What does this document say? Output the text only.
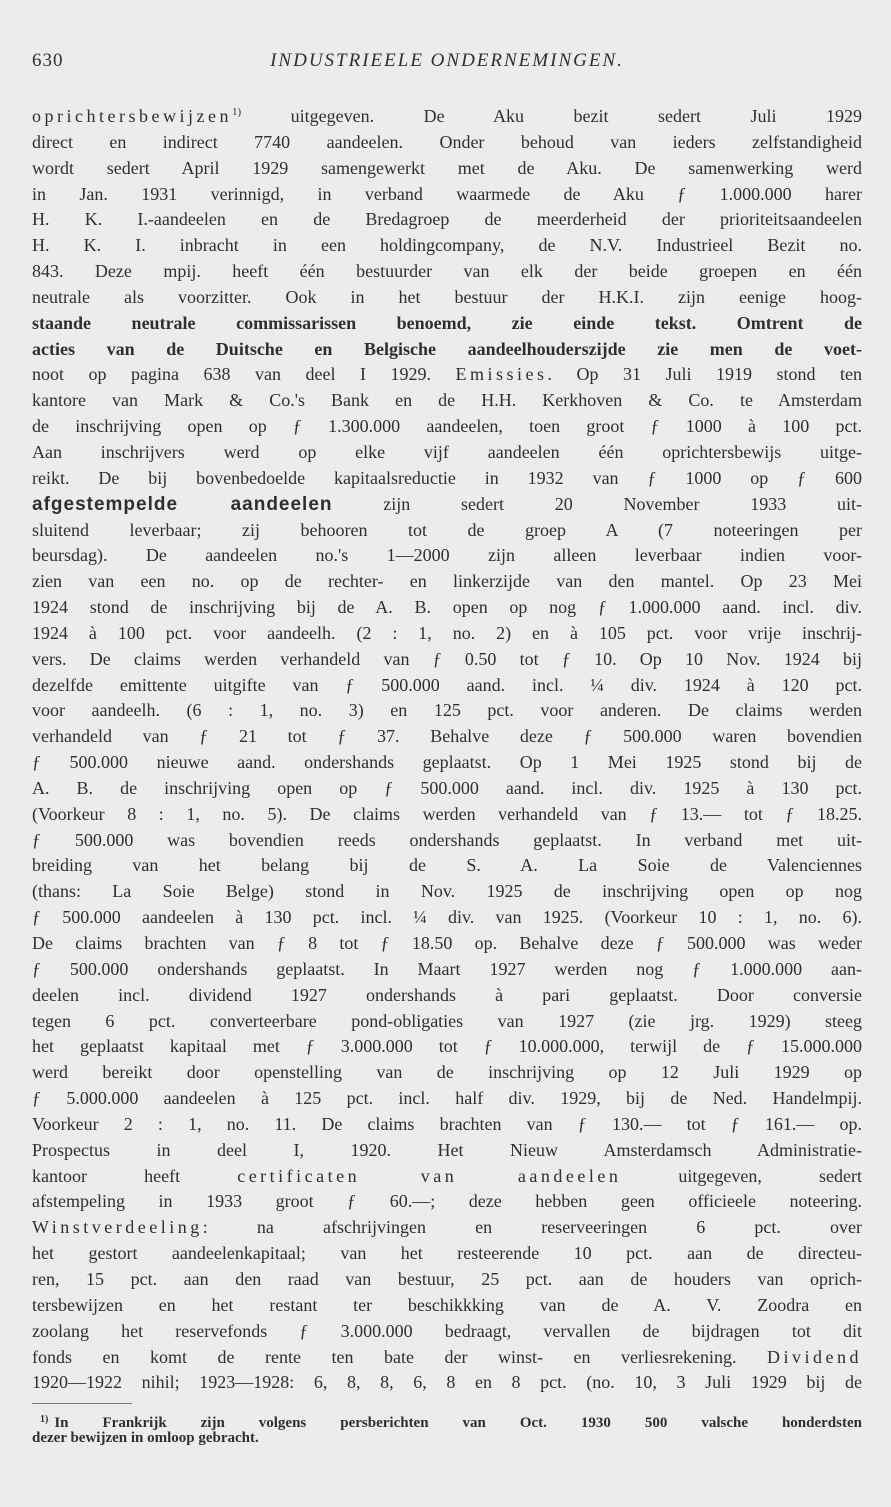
630	INDUSTRIEELE ONDERNEMINGEN.
oprichtersbewijzen$^{1)}$ uitgegeven. De Aku bezit sedert Juli 1929
direct en indirect 7740 aandeelen. Onder behoud van ieders zelfstandigheid
wordt sedert April 1929 samengewerkt met de Aku. De samenwerking werd
in Jan. 1931 verinnigd, in verband waarmede de Aku ƒ 1.000.000 harer
H. K. I.-aandeelen en de Bredagroep de meerderheid der prioriteitsaandeelen
H. K. I. inbracht in een holdingcompany, de N.V. Industrieel Bezit no.
843. Deze mpij. heeft één bestuurder van elk der beide groepen en één
neutrale als voorzitter. Ook in het bestuur der H.K.I. zijn eenige hoog-
staande neutrale commissarissen benoemd, zie einde tekst. Omtrent de
acties van de Duitsche en Belgische aandeelhouderszijde zie men de voet-
noot op pagina 638 van deel I 1929. Emissies. Op 31 Juli 1919 stond ten
kantore van Mark & Co.'s Bank en de H.H. Kerkhoven & Co. te Amsterdam
de inschrijving open op ƒ 1.300.000 aandeelen, toen groot ƒ 1000 à 100 pct.
Aan inschrijvers werd op elke vijf aandeelen één oprichtersbewijs uitge-
reikt. De bij bovenbedoelde kapitaalsreductie in 1932 van ƒ 1000 op ƒ 600
afgestempelde aandeelen zijn sedert 20 November 1933 uit-
sluitend leverbaar; zij behooren tot de groep A (7 noteeringen per
beursdag). De aandeelen no.'s 1—2000 zijn alleen leverbaar indien voor-
zien van een no. op de rechter- en linkerzijde van den mantel. Op 23 Mei
1924 stond de inschrijving bij de A. B. open op nog ƒ 1.000.000 aand. incl. div.
1924 à 100 pct. voor aandeelh. (2 : 1, no. 2) en à 105 pct. voor vrije inschrij-
vers. De claims werden verhandeld van ƒ 0.50 tot ƒ 10. Op 10 Nov. 1924 bij
dezelfde emittente uitgifte van ƒ 500.000 aand. incl. ¼ div. 1924 à 120 pct.
voor aandeelh. (6 : 1, no. 3) en 125 pct. voor anderen. De claims werden
verhandeld van ƒ 21 tot ƒ 37. Behalve deze ƒ 500.000 waren bovendien
ƒ 500.000 nieuwe aand. ondershands geplaatst. Op 1 Mei 1925 stond bij de
A. B. de inschrijving open op ƒ 500.000 aand. incl. div. 1925 à 130 pct.
(Voorkeur 8 : 1, no. 5). De claims werden verhandeld van ƒ 13.— tot ƒ 18.25.
ƒ 500.000 was bovendien reeds ondershands geplaatst. In verband met uit-
breiding van het belang bij de S. A. La Soie de Valenciennes
(thans: La Soie Belge) stond in Nov. 1925 de inschrijving open op nog
ƒ 500.000 aandeelen à 130 pct. incl. ¼ div. van 1925. (Voorkeur 10 : 1, no. 6).
De claims brachten van ƒ 8 tot ƒ 18.50 op. Behalve deze ƒ 500.000 was weder
ƒ 500.000 ondershands geplaatst. In Maart 1927 werden nog ƒ 1.000.000 aan-
deelen incl. dividend 1927 ondershands à pari geplaatst. Door conversie
tegen 6 pct. converteerbare pond-obligaties van 1927 (zie jrg. 1929) steeg
het geplaatst kapitaal met ƒ 3.000.000 tot ƒ 10.000.000, terwijl de ƒ 15.000.000
werd bereikt door openstelling van de inschrijving op 12 Juli 1929 op
ƒ 5.000.000 aandeelen à 125 pct. incl. half div. 1929, bij de Ned. Handelmpij.
Voorkeur 2 : 1, no. 11. De claims brachten van ƒ 130.— tot ƒ 161.— op.
Prospectus in deel I, 1920. Het Nieuw Amsterdamsch Administratie-
kantoor heeft certificaten van aandeelen uitgegeven, sedert
afstempeling in 1933 groot ƒ 60.—; deze hebben geen officieele noteering.
Winstverdeeling: na afschrijvingen en reserveeringen 6 pct. over
het gestort aandeelenkapitaal; van het resteerende 10 pct. aan de directeu-
ren, 15 pct. aan den raad van bestuur, 25 pct. aan de houders van oprich-
tersbewijzen en het restant ter beschikkking van de A. V. Zoodra en
zoolang het reservefonds ƒ 3.000.000 bedraagt, vervallen de bijdragen tot dit
fonds en komt de rente ten bate der winst- en verliesrekening. Dividend
1920—1922 nihil; 1923—1928: 6, 8, 8, 6, 8 en 8 pct. (no. 10, 3 Juli 1929 bij de
$^{1)}$ In Frankrijk zijn volgens persberichten van Oct. 1930 500 valsche honderdsten
dezer bewijzen in omloop gebracht.
